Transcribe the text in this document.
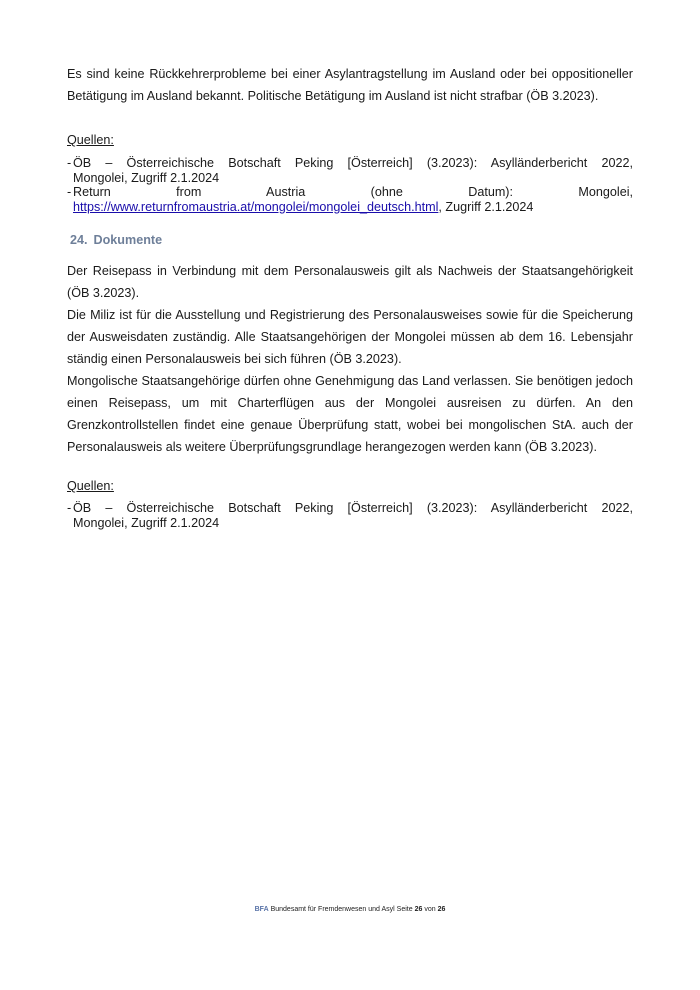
Es sind keine Rückkehrerprobleme bei einer Asylantragstellung im Ausland oder bei oppositioneller Betätigung im Ausland bekannt. Politische Betätigung im Ausland ist nicht strafbar (ÖB 3.2023).

Quellen:

- ÖB – Österreichische Botschaft Peking [Österreich] (3.2023): Asylländerbericht 2022,
Mongolei, Zugriff 2.1.2024
- Return from Austria (ohne Datum): Mongolei,
https://www.returnfromaustria.at/mongolei/mongolei_deutsch.html, Zugriff 2.1.2024

24. Dokumente

Der Reisepass in Verbindung mit dem Personalausweis gilt als Nachweis der Staatsangehörigkeit (ÖB 3.2023).

Die Miliz ist für die Ausstellung und Registrierung des Personalausweises sowie für die Speicherung der Ausweisdaten zuständig. Alle Staatsangehörigen der Mongolei müssen ab dem 16. Lebensjahr ständig einen Personalausweis bei sich führen (ÖB 3.2023).

Mongolische Staatsangehörige dürfen ohne Genehmigung das Land verlassen. Sie benötigen jedoch einen Reisepass, um mit Charterflügen aus der Mongolei ausreisen zu dürfen. An den Grenzkontrollstellen findet eine genaue Überprüfung statt, wobei bei mongolischen StA. auch der Personalausweis als weitere Überprüfungsgrundlage herangezogen werden kann (ÖB 3.2023).

Quellen:

- ÖB – Österreichische Botschaft Peking [Österreich] (3.2023): Asylländerbericht 2022,
Mongolei, Zugriff 2.1.2024
BFA Bundesamt für Fremdenwesen und Asyl Seite 26 von 26
